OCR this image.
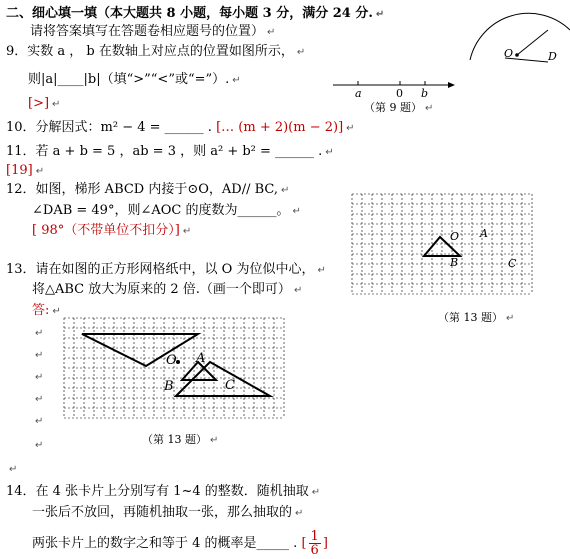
二、细心填一填（本大题共 8 小题，每小题 3 分，满分 24 分. ↵
请将答案填写在答题卷相应题号的位置） ↵
O	D
9．实数 a ， b 在数轴上对应点的位置如图所示， ↵
则|a|____|b|（填“>”“<”或“=”）. ↵
[>] ↵
a	0 b
（第 9 题） ↵
10．分解因式：m² − 4 = ______ . [… (m + 2)(m − 2)] ↵
11．若 a + b = 5 ，ab = 3 ，则 a² + b² = ______ . ↵
[19] ↵
12．如图，梯形 ABCD 内接于⊙O，AD// BC, ↵
∠DAB = 49°，则∠AOC 的度数为______。 ↵
[ 98°（不带单位不扣分）] ↵
13．请在如图的正方形网格纸中，以 O 为位似中心， ↵
将△ABC 放大为原来的 2 倍.（画一个即可） ↵
答: ↵
↵
↵
↵
↵
↵
↵
↵
O A
B	C
（第 13 题） ↵
O A
B	C
（第 13 题） ↵
14．在 4 张卡片上分别写有 1~4 的整数．随机抽取 ↵
一张后不放回，再随机抽取一张，那么抽取的 ↵
两张卡片上的数字之和等于 4 的概率是_____ . [ $\frac{1}{6}$ ]
